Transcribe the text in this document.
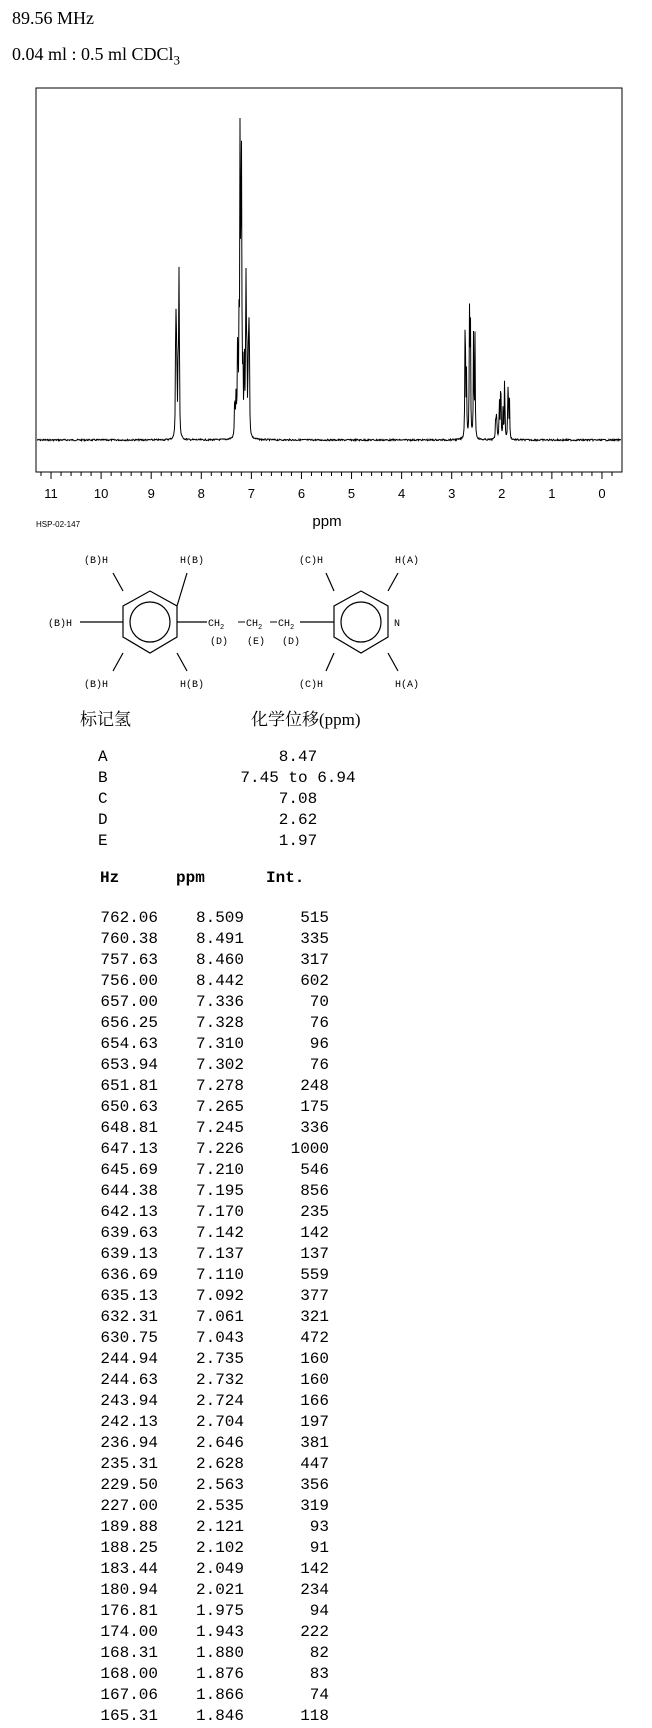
89.56 MHz
0.04 ml : 0.5 ml CDCl$_3$
11	10	9	8	7	6	5	4	3	2	1	0
ppm
HSP-02-147
(B)H	H(B)
(B)H
(B)H	H(B)
(C)H	H(A)
(C)H	H(A)
N
$CH_2$ $CH_2$ $CH_2$
(D) (E) (D)
标记氢	化学位移(ppm)
A	8.47
B	7.45 to 6.94
C	7.08
D	2.62
E	1.97
Hz	ppm	Int.
762.06	8.509	515
760.38	8.491	335
757.63	8.460	317
756.00	8.442	602
657.00	7.336	70
656.25	7.328	76
654.63	7.310	96
653.94	7.302	76
651.81	7.278	248
650.63	7.265	175
648.81	7.245	336
647.13	7.226	1000
645.69	7.210	546
644.38	7.195	856
642.13	7.170	235
639.63	7.142	142
639.13	7.137	137
636.69	7.110	559
635.13	7.092	377
632.31	7.061	321
630.75	7.043	472
244.94	2.735	160
244.63	2.732	160
243.94	2.724	166
242.13	2.704	197
236.94	2.646	381
235.31	2.628	447
229.50	2.563	356
227.00	2.535	319
189.88	2.121	93
188.25	2.102	91
183.44	2.049	142
180.94	2.021	234
176.81	1.975	94
174.00	1.943	222
168.31	1.880	82
168.00	1.876	83
167.06	1.866	74
165.31	1.846	118
